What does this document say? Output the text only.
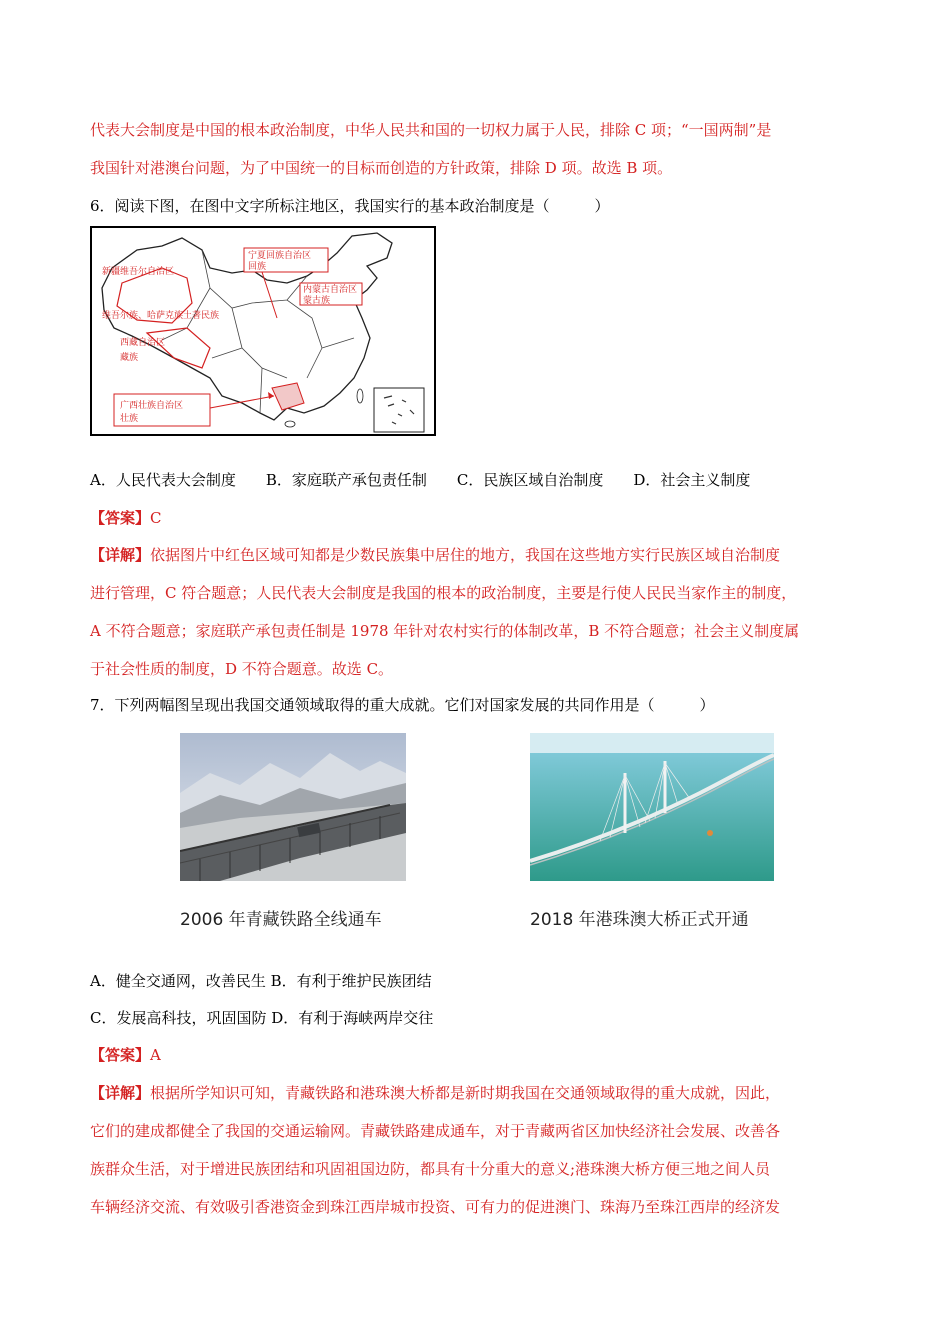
代表大会制度是中国的根本政治制度，中华人民共和国的一切权力属于人民，排除 C 项；“一国两制”是
我国针对港澳台问题，为了中国统一的目标而创造的方针政策，排除 D 项。故选 B 项。
6．阅读下图，在图中文字所标注地区，我国实行的基本政治制度是（　　　）
宁夏回族自治区
回族
内蒙古自治区
蒙古族
新疆维吾尔自治区
维吾尔族、哈萨克族土著民族
西藏自治区
藏族
广西壮族自治区
壮族
A．人民代表大会制度 B．家庭联产承包责任制 C．民族区域自治制度 D．社会主义制度
【答案】C
【详解】依据图片中红色区域可知都是少数民族集中居住的地方，我国在这些地方实行民族区域自治制度
进行管理，C 符合题意；人民代表大会制度是我国的根本的政治制度，主要是行使人民民当家作主的制度，
A 不符合题意；家庭联产承包责任制是 1978 年针对农村实行的体制改革，B 不符合题意；社会主义制度属
于社会性质的制度，D 不符合题意。故选 C。
7．下列两幅图呈现出我国交通领域取得的重大成就。它们对国家发展的共同作用是（　　　）
2006 年青藏铁路全线通车	2018 年港珠澳大桥正式开通
A．健全交通网，改善民生 B．有利于维护民族团结
C．发展高科技，巩固国防 D．有利于海峡两岸交往
【答案】A
【详解】根据所学知识可知，青藏铁路和港珠澳大桥都是新时期我国在交通领域取得的重大成就，因此，
它们的建成都健全了我国的交通运输网。青藏铁路建成通车，对于青藏两省区加快经济社会发展、改善各
族群众生活，对于增进民族团结和巩固祖国边防，都具有十分重大的意义;港珠澳大桥方便三地之间人员
车辆经济交流、有效吸引香港资金到珠江西岸城市投资、可有力的促进澳门、珠海乃至珠江西岸的经济发
